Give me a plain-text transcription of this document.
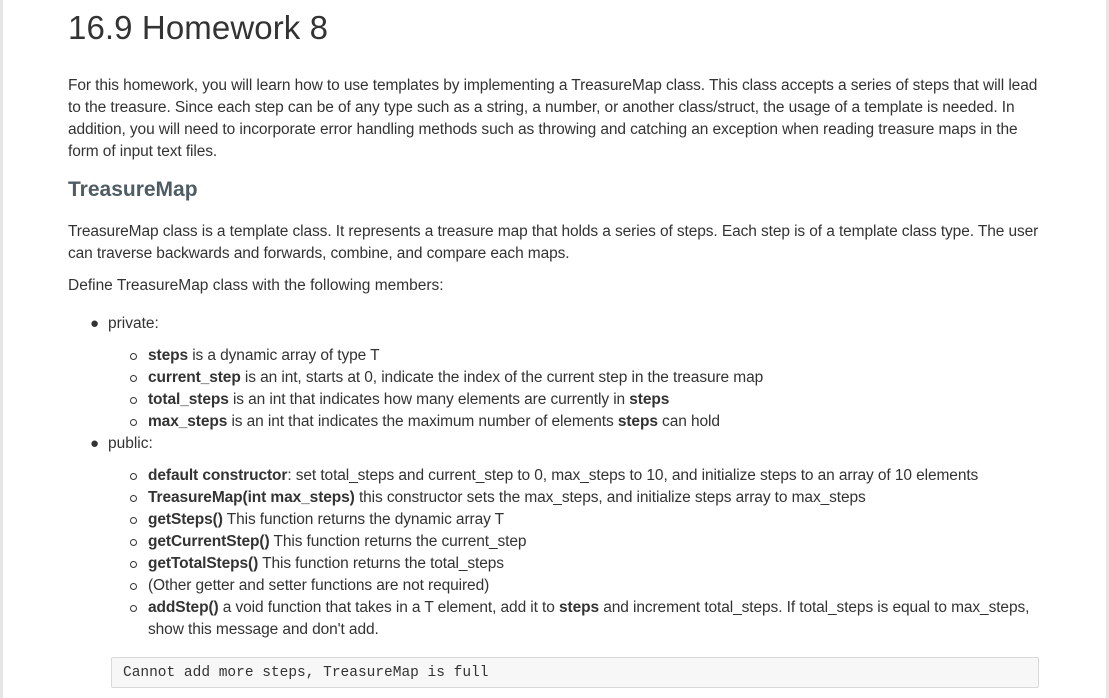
16.9 Homework 8

For this homework, you will learn how to use templates by implementing a TreasureMap class. This class accepts a series of steps that will lead to the treasure. Since each step can be of any type such as a string, a number, or another class/struct, the usage of a template is needed. In addition, you will need to incorporate error handling methods such as throwing and catching an exception when reading treasure maps in the form of input text files.

TreasureMap

TreasureMap class is a template class. It represents a treasure map that holds a series of steps. Each step is of a template class type. The user can traverse backwards and forwards, combine, and compare each maps.

Define TreasureMap class with the following members:

● private:
steps is a dynamic array of type T
current_step is an int, starts at 0, indicate the index of the current step in the treasure map
total_steps is an int that indicates how many elements are currently in steps
max_steps is an int that indicates the maximum number of elements steps can hold
● public:
default constructor: set total_steps and current_step to 0, max_steps to 10, and initialize steps to an array of 10 elements
TreasureMap(int max_steps) this constructor sets the max_steps, and initialize steps array to max_steps
getSteps() This function returns the dynamic array T
getCurrentStep() This function returns the current_step
getTotalSteps() This function returns the total_steps
(Other getter and setter functions are not required)
addStep() a void function that takes in a T element, add it to steps and increment total_steps. If total_steps is equal to max_steps, show this message and don't add.
Cannot add more steps, TreasureMap is full
